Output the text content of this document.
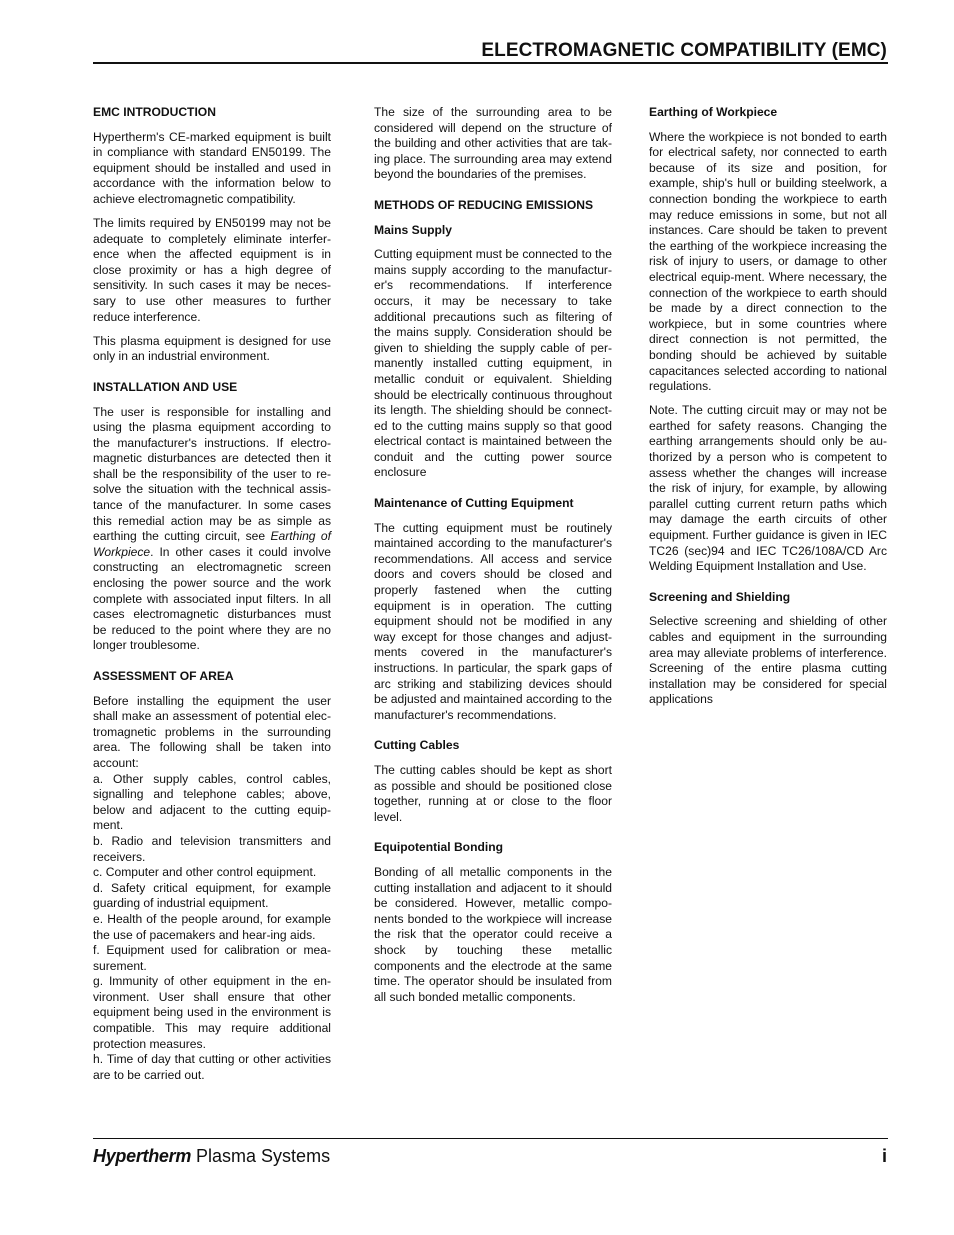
ELECTROMAGNETIC COMPATIBILITY (EMC)
EMC INTRODUCTION

Hypertherm's CE-marked equipment is built in compliance with standard EN50199. The equipment should be installed and used in accordance with the information below to achieve electromagnetic compatibility.

The limits required by EN50199 may not be adequate to completely eliminate interfer-ence when the affected equipment is in close proximity or has a high degree of sensitivity. In such cases it may be neces-sary to use other measures to further reduce interference.

This plasma equipment is designed for use only in an industrial environment.

INSTALLATION AND USE

The user is responsible for installing and using the plasma equipment according to the manufacturer's instructions. If electro-magnetic disturbances are detected then it shall be the responsibility of the user to re-solve the situation with the technical assis-tance of the manufacturer. In some cases this remedial action may be as simple as earthing the cutting circuit, see Earthing of Workpiece. In other cases it could involve constructing an electromagnetic screen enclosing the power source and the work complete with associated input filters. In all cases electromagnetic disturbances must be reduced to the point where they are no longer troublesome.

ASSESSMENT OF AREA

Before installing the equipment the user shall make an assessment of potential elec-tromagnetic problems in the surrounding area. The following shall be taken into account:

a. Other supply cables, control cables, signalling and telephone cables; above, below and adjacent to the cutting equip-ment.
b. Radio and television transmitters and receivers.
c. Computer and other control equipment.
d. Safety critical equipment, for example guarding of industrial equipment.
e. Health of the people around, for example the use of pacemakers and hear-ing aids.
f. Equipment used for calibration or mea-surement.
g. Immunity of other equipment in the en-vironment. User shall ensure that other equipment being used in the environment is compatible. This may require additional protection measures.
h. Time of day that cutting or other activities are to be carried out.

The size of the surrounding area to be considered will depend on the structure of the building and other activities that are tak-ing place. The surrounding area may extend beyond the boundaries of the premises.

METHODS OF REDUCING EMISSIONS
Mains Supply

Cutting equipment must be connected to the mains supply according to the manufactur-er's recommendations. If interference occurs, it may be necessary to take additional precautions such as filtering of the mains supply. Consideration should be given to shielding the supply cable of per-manently installed cutting equipment, in metallic conduit or equivalent. Shielding should be electrically continuous throughout its length. The shielding should be connect-ed to the cutting mains supply so that good electrical contact is maintained between the conduit and the cutting power source enclosure

Maintenance of Cutting Equipment

The cutting equipment must be routinely maintained according to the manufacturer's recommendations. All access and service doors and covers should be closed and properly fastened when the cutting equipment is in operation. The cutting equipment should not be modified in any way except for those changes and adjust-ments covered in the manufacturer's instructions. In particular, the spark gaps of arc striking and stabilizing devices should be adjusted and maintained according to the manufacturer's recommendations.

Cutting Cables

The cutting cables should be kept as short as possible and should be positioned close together, running at or close to the floor level.

Equipotential Bonding

Bonding of all metallic components in the cutting installation and adjacent to it should be considered. However, metallic compo-nents bonded to the workpiece will increase the risk that the operator could receive a shock by touching these metallic components and the electrode at the same time. The operator should be insulated from all such bonded metallic components.

Earthing of Workpiece

Where the workpiece is not bonded to earth for electrical safety, nor connected to earth because of its size and position, for example, ship's hull or building steelwork, a connection bonding the workpiece to earth may reduce emissions in some, but not all instances. Care should be taken to prevent the earthing of the workpiece increasing the risk of injury to users, or damage to other electrical equip-ment. Where necessary, the connection of the workpiece to earth should be made by a direct connection to the workpiece, but in some countries where direct connection is not permitted, the bonding should be achieved by suitable capacitances selected according to national regulations.

Note. The cutting circuit may or may not be earthed for safety reasons. Changing the earthing arrangements should only be au-thorized by a person who is competent to assess whether the changes will increase the risk of injury, for example, by allowing parallel cutting current return paths which may damage the earth circuits of other equipment. Further guidance is given in IEC TC26 (sec)94 and IEC TC26/108A/CD Arc Welding Equipment Installation and Use.

Screening and Shielding

Selective screening and shielding of other cables and equipment in the surrounding area may alleviate problems of interference. Screening of the entire plasma cutting installation may be considered for special applications

Hypertherm Plasma Systems	i
